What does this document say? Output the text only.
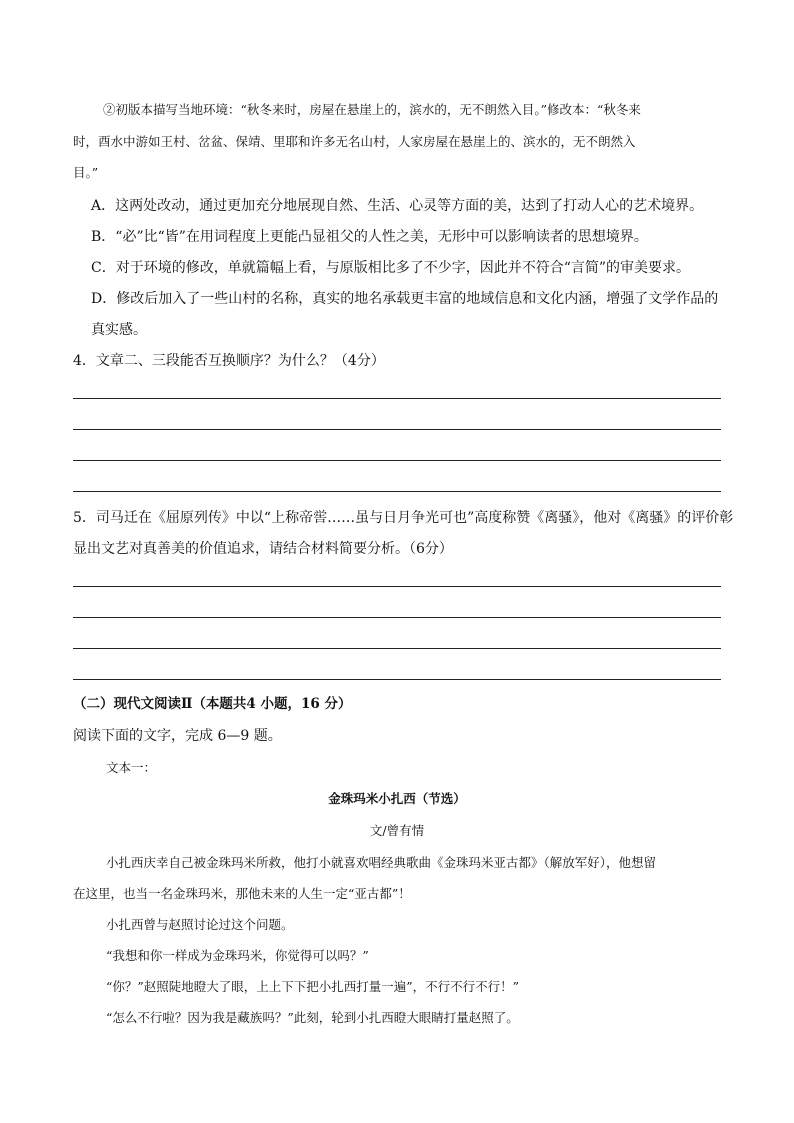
②初版本描写当地环境：“秋冬来时，房屋在悬崖上的，滨水的，无不朗然入目。”修改本：“秋冬来
时，酉水中游如王村、岔盆、保靖、里耶和许多无名山村，人家房屋在悬崖上的、滨水的，无不朗然入
目。”
A．这两处改动，通过更加充分地展现自然、生活、心灵等方面的美，达到了打动人心的艺术境界。
B．“必”比“皆”在用词程度上更能凸显祖父的人性之美，无形中可以影响读者的思想境界。
C．对于环境的修改，单就篇幅上看，与原版相比多了不少字，因此并不符合“言简”的审美要求。
D．修改后加入了一些山村的名称，真实的地名承载更丰富的地域信息和文化内涵，增强了文学作品的
真实感。
4．文章二、三段能否互换顺序？为什么？（4分）
5．司马迁在《屈原列传》中以“上称帝喾……虽与日月争光可也”高度称赞《离骚》，他对《离骚》的评价彰
显出文艺对真善美的价值追求，请结合材料简要分析。（6分）
（二）现代文阅读Ⅱ（本题共4 小题，16 分）
阅读下面的文字，完成 6—9 题。
文本一：
金珠玛米小扎西（节选）
文/曾有情
小扎西庆幸自己被金珠玛米所救，他打小就喜欢唱经典歌曲《金珠玛米亚古都》（解放军好），他想留
在这里，也当一名金珠玛米，那他未来的人生一定“亚古都”！
小扎西曾与赵照讨论过这个问题。
“我想和你一样成为金珠玛米，你觉得可以吗？”
“你？”赵照陡地瞪大了眼，上上下下把小扎西打量一遍”，不行不行不行！”
“怎么不行啦？因为我是藏族吗？”此刻，轮到小扎西瞪大眼睛打量赵照了。
